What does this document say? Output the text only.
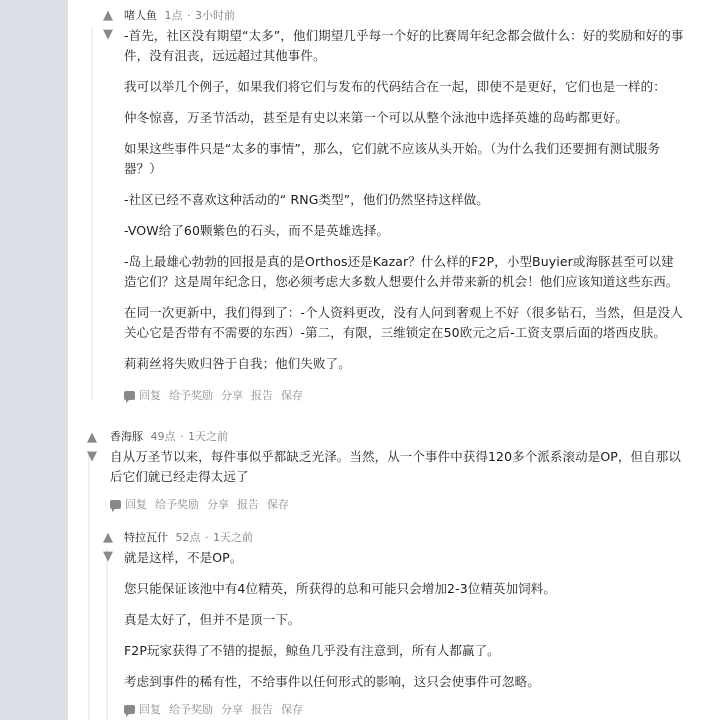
▲
▼
啫人鱼 1点 · 3小时前

-首先，社区没有期望“太多”，他们期望几乎每一个好的比赛周年纪念都会做什么：好的奖励和好的事件，没有沮丧，远远超过其他事件。

我可以举几个例子，如果我们将它们与发布的代码结合在一起，即使不是更好，它们也是一样的：

仲冬惊喜，万圣节活动，甚至是有史以来第一个可以从整个泳池中选择英雄的岛屿都更好。

如果这些事件只是“太多的事情”，那么，它们就不应该从头开始。（为什么我们还要拥有测试服务器？）

-社区已经不喜欢这种活动的“ RNG类型”，他们仍然坚持这样做。

-VOW给了60颗紫色的石头，而不是英雄选择。

-岛上最雄心勃勃的回报是真的是Orthos还是Kazar？什么样的F2P，小型Buyier或海豚甚至可以建造它们？这是周年纪念日，您必须考虑大多数人想要什么并带来新的机会！他们应该知道这些东西。

在同一次更新中，我们得到了：-个人资料更改，没有人问到奢观上不好（很多钻石，当然，但是没人关心它是否带有不需要的东西）-第二，有限，三维锁定在50欧元之后-工资支票后面的塔西皮肤。

莉莉丝将失败归咎于自我；他们失败了。

回复 给予奖励 分享 报告 保存
▲
▼
香海豚 49点 · 1天之前

自从万圣节以来，每件事似乎都缺乏光泽。当然，从一个事件中获得120多个派系滚动是OP，但自那以后它们就已经走得太远了

回复 给予奖励 分享 报告 保存
▲
▼
特拉瓦什 52点 · 1天之前

就是这样，不是OP。

您只能保证该池中有4位精英，所获得的总和可能只会增加2-3位精英加饲料。

真是太好了，但并不是顶一下。

F2P玩家获得了不错的提振，鲸鱼几乎没有注意到，所有人都赢了。

考虑到事件的稀有性，不给事件以任何形式的影响，这只会使事件可忽略。

回复 给予奖励 分享 报告 保存
